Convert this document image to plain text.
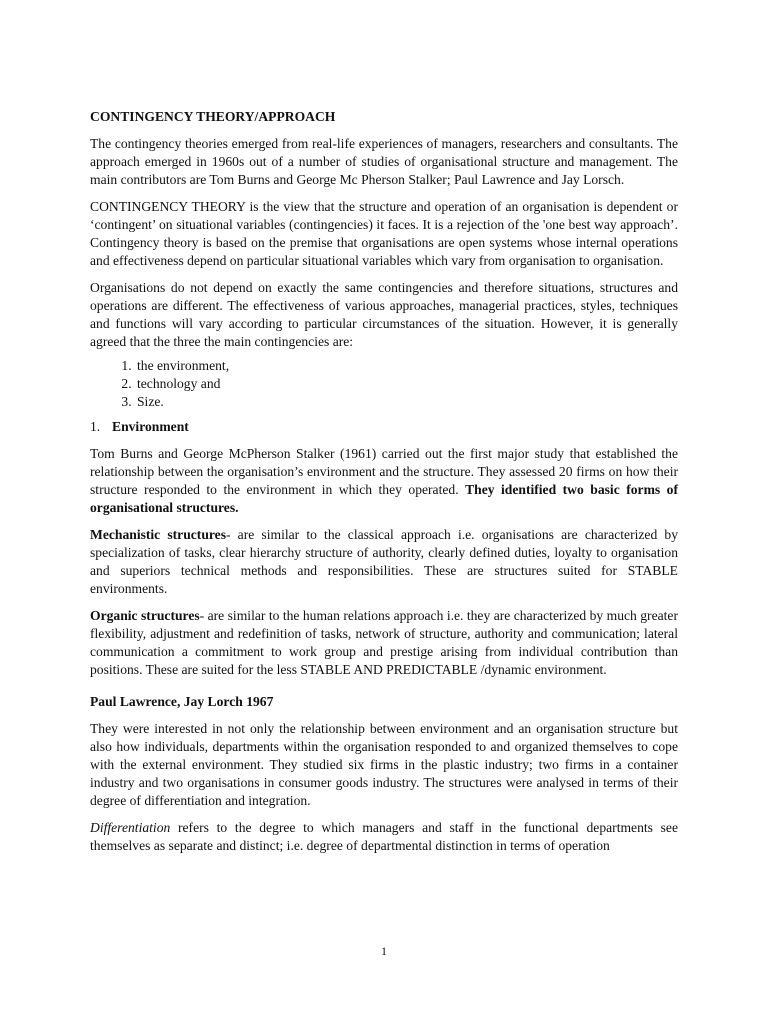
CONTINGENCY THEORY/APPROACH

The contingency theories emerged from real-life experiences of managers, researchers and consultants. The approach emerged in 1960s out of a number of studies of organisational structure and management. The main contributors are Tom Burns and George Mc Pherson Stalker; Paul Lawrence and Jay Lorsch.

CONTINGENCY THEORY is the view that the structure and operation of an organisation is dependent or ‘contingent’ on situational variables (contingencies) it faces. It is a rejection of the 'one best way approach’. Contingency theory is based on the premise that organisations are open systems whose internal operations and effectiveness depend on particular situational variables which vary from organisation to organisation.

Organisations do not depend on exactly the same contingencies and therefore situations, structures and operations are different. The effectiveness of various approaches, managerial practices, styles, techniques and functions will vary according to particular circumstances of the situation. However, it is generally agreed that the three the main contingencies are:

1. the environment,
2. technology and
3. Size.
1. Environment

Tom Burns and George McPherson Stalker (1961) carried out the first major study that established the relationship between the organisation’s environment and the structure. They assessed 20 firms on how their structure responded to the environment in which they operated. They identified two basic forms of organisational structures.

Mechanistic structures- are similar to the classical approach i.e. organisations are characterized by specialization of tasks, clear hierarchy structure of authority, clearly defined duties, loyalty to organisation and superiors technical methods and responsibilities. These are structures suited for STABLE environments.

Organic structures- are similar to the human relations approach i.e. they are characterized by much greater flexibility, adjustment and redefinition of tasks, network of structure, authority and communication; lateral communication a commitment to work group and prestige arising from individual contribution than positions. These are suited for the less STABLE AND PREDICTABLE /dynamic environment.

Paul Lawrence, Jay Lorch 1967

They were interested in not only the relationship between environment and an organisation structure but also how individuals, departments within the organisation responded to and organized themselves to cope with the external environment. They studied six firms in the plastic industry; two firms in a container industry and two organisations in consumer goods industry. The structures were analysed in terms of their degree of differentiation and integration.

Differentiation refers to the degree to which managers and staff in the functional departments see themselves as separate and distinct; i.e. degree of departmental distinction in terms of operation

1
